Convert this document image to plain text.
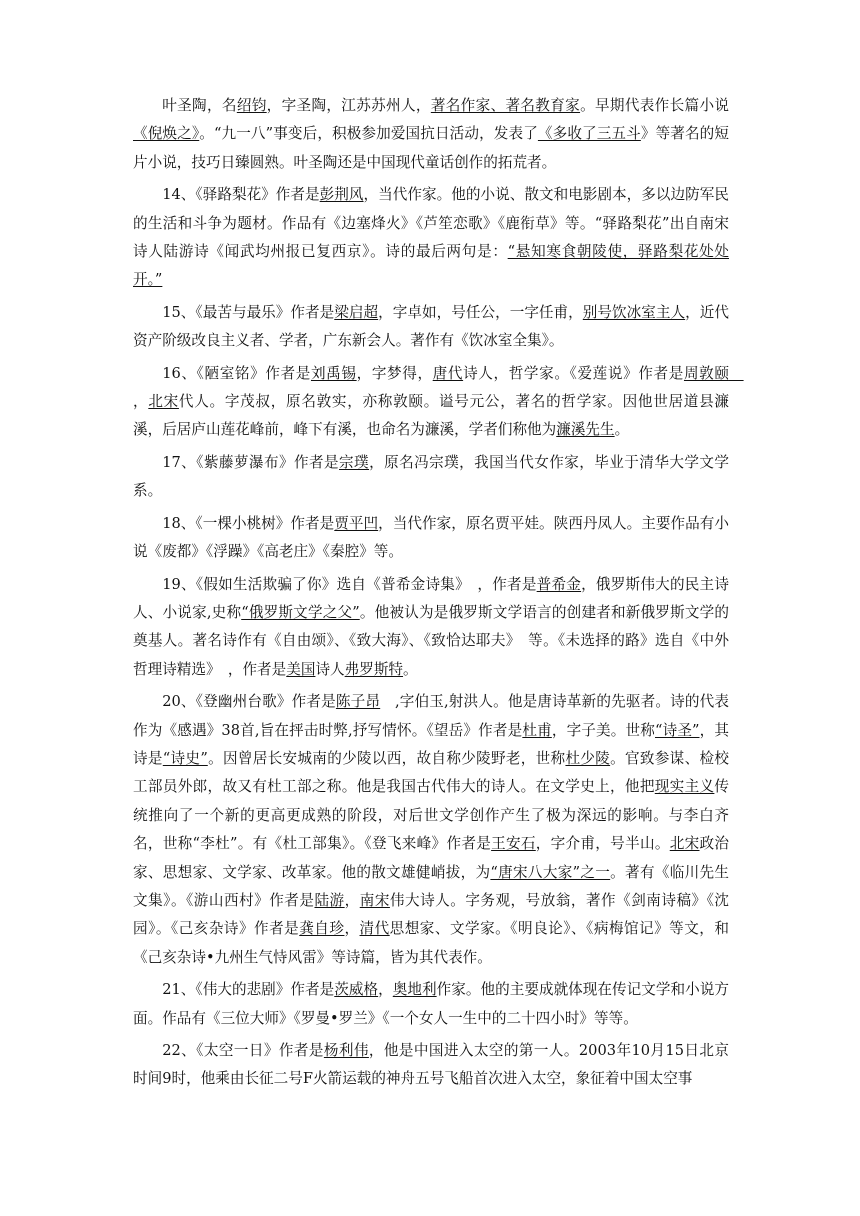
叶圣陶，名绍钧，字圣陶，江苏苏州人，著名作家、著名教育家。早期代表作长篇小说《倪焕之》。“九一八”事变后，积极参加爱国抗日活动，发表了《多收了三五斗》等著名的短片小说，技巧日臻圆熟。叶圣陶还是中国现代童话创作的拓荒者。

14、《驿路梨花》作者是彭荆风，当代作家。他的小说、散文和电影剧本，多以边防军民的生活和斗争为题材。作品有《边塞烽火》《芦笙恋歌》《鹿衔草》等。“驿路梨花”出自南宋诗人陆游诗《闻武均州报已复西京》。诗的最后两句是：“悬知寒食朝陵使，驿路梨花处处开。”

15、《最苦与最乐》作者是梁启超，字卓如，号任公，一字任甫，别号饮冰室主人，近代资产阶级改良主义者、学者，广东新会人。著作有《饮冰室全集》。

16、《陋室铭》作者是刘禹锡，字梦得，唐代诗人，哲学家。《爱莲说》作者是周敦颐　，北宋代人。字茂叔，原名敦实，亦称敦颐。谥号元公，著名的哲学家。因他世居道县濂溪，后居庐山莲花峰前，峰下有溪，也命名为濂溪，学者们称他为濂溪先生。

17、《紫藤萝瀑布》作者是宗璞，原名冯宗璞，我国当代女作家，毕业于清华大学文学系。

18、《一棵小桃树》作者是贾平凹，当代作家，原名贾平娃。陕西丹凤人。主要作品有小说《废都》《浮躁》《高老庄》《秦腔》等。

19、《假如生活欺骗了你》选自《普希金诗集》　，作者是普希金，俄罗斯伟大的民主诗人、小说家,史称“俄罗斯文学之父”。他被认为是俄罗斯文学语言的创建者和新俄罗斯文学的奠基人。著名诗作有《自由颂》、《致大海》、《致恰达耶夫》　等。《未选择的路》选自《中外哲理诗精选》　，作者是美国诗人弗罗斯特。

20、《登幽州台歌》作者是陈子昂　,字伯玉,射洪人。他是唐诗革新的先驱者。诗的代表作为《感遇》38首,旨在抨击时弊,抒写情怀。《望岳》作者是杜甫，字子美。世称“诗圣”，其诗是“诗史”。因曾居长安城南的少陵以西，故自称少陵野老，世称杜少陵。官致参谋、检校工部员外郎，故又有杜工部之称。他是我国古代伟大的诗人。在文学史上，他把现实主义传统推向了一个新的更高更成熟的阶段，对后世文学创作产生了极为深远的影响。与李白齐名，世称“李杜”。有《杜工部集》。《登飞来峰》作者是王安石，字介甫，号半山。北宋政治家、思想家、文学家、改革家。他的散文雄健峭拔，为“唐宋八大家”之一。著有《临川先生文集》。《游山西村》作者是陆游，南宋伟大诗人。字务观，号放翁，著作《剑南诗稿》《沈园》。《己亥杂诗》作者是龚自珍，清代思想家、文学家。《明良论》、《病梅馆记》等文，和《己亥杂诗•九州生气恃风雷》等诗篇，皆为其代表作。

21、《伟大的悲剧》作者是茨威格，奥地利作家。他的主要成就体现在传记文学和小说方面。作品有《三位大师》《罗曼•罗兰》《一个女人一生中的二十四小时》等等。

22、《太空一日》作者是杨利伟，他是中国进入太空的第一人。2003年10月15日北京时间9时，他乘由长征二号F火箭运载的神舟五号飞船首次进入太空，象征着中国太空事
